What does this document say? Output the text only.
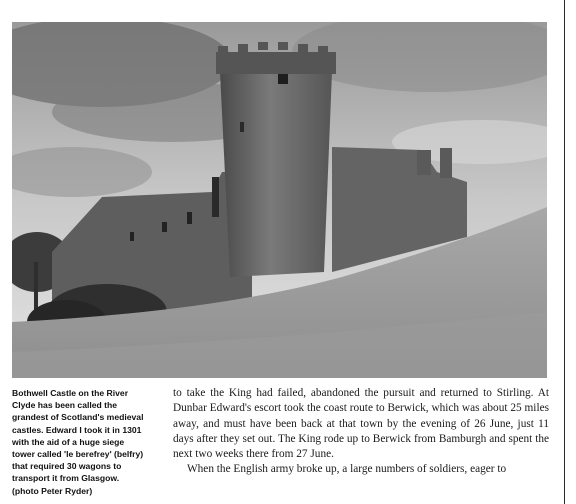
Bothwell Castle on the River
Clyde has been called the
grandest of Scotland's medieval
castles. Edward I took it in 1301
with the aid of a huge siege
tower called 'le berefrey' (belfry)
that required 30 wagons to
transport it from Glasgow.
(photo Peter Ryder)

to take the King had failed, abandoned the pursuit and returned to Stirling. At Dunbar Edward's escort took the coast route to Berwick, which was about 25 miles away, and must have been back at that town by the evening of 26 June, just 11 days after they set out. The King rode up to Berwick from Bamburgh and spent the next two weeks there from 27 June.

When the English army broke up, a large numbers of soldiers, eager to
